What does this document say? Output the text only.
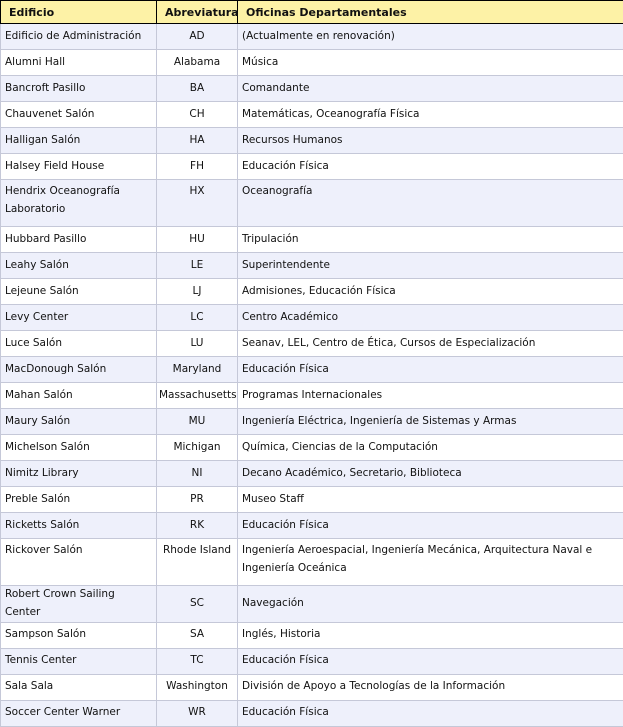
Edificio	Abreviatura	Oficinas Departamentales
Edificio de Administración	AD	(Actualmente en renovación)
Alumni Hall	Alabama	Música
Bancroft Pasillo	BA	Comandante
Chauvenet Salón	CH	Matemáticas, Oceanografía Física
Halligan Salón	HA	Recursos Humanos
Halsey Field House	FH	Educación Física
Hendrix Oceanografía Laboratorio	HX	Oceanografía
Hubbard Pasillo	HU	Tripulación
Leahy Salón	LE	Superintendente
Lejeune Salón	LJ	Admisiones, Educación Física
Levy Center	LC	Centro Académico
Luce Salón	LU	Seanav, LEL, Centro de Ética, Cursos de Especialización
MacDonough Salón	Maryland	Educación Física
Mahan Salón	Massachusetts	Programas Internacionales
Maury Salón	MU	Ingeniería Eléctrica, Ingeniería de Sistemas y Armas
Michelson Salón	Michigan	Química, Ciencias de la Computación
Nimitz Library	NI	Decano Académico, Secretario, Biblioteca
Preble Salón	PR	Museo Staff
Ricketts Salón	RK	Educación Física
Rickover Salón	Rhode Island	Ingeniería Aeroespacial, Ingeniería Mecánica, Arquitectura Naval e Ingeniería Oceánica
Robert Crown Sailing Center	SC	Navegación
Sampson Salón	SA	Inglés, Historia
Tennis Center	TC	Educación Física
Sala Sala	Washington	División de Apoyo a Tecnologías de la Información
Soccer Center Warner	WR	Educación Física
